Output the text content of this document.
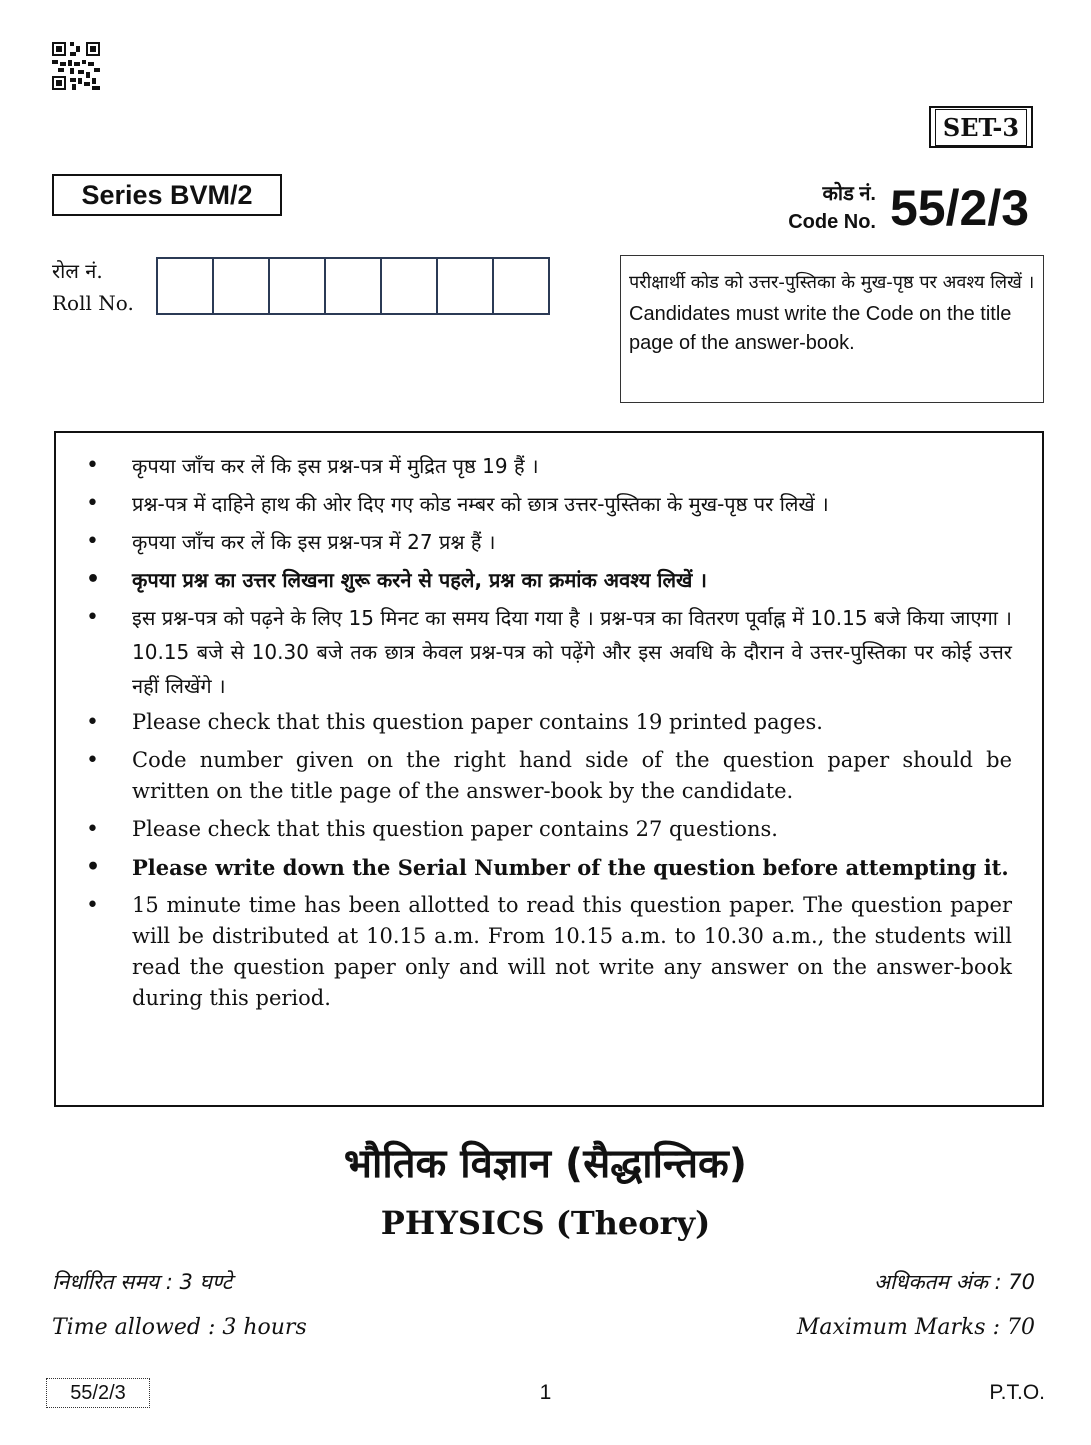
SET-3
Series BVM/2	कोड नं.
Code No. 55/2/3
रोल नं.
Roll No.
परीक्षार्थी कोड को उत्तर-पुस्तिका के मुख-पृष्ठ पर अवश्य लिखें ।
Candidates must write the Code on the title page of the answer-book.
• कृपया जाँच कर लें कि इस प्रश्न-पत्र में मुद्रित पृष्ठ 19 हैं ।
• प्रश्न-पत्र में दाहिने हाथ की ओर दिए गए कोड नम्बर को छात्र उत्तर-पुस्तिका के मुख-पृष्ठ पर लिखें ।
• कृपया जाँच कर लें कि इस प्रश्न-पत्र में 27 प्रश्न हैं ।
• कृपया प्रश्न का उत्तर लिखना शुरू करने से पहले, प्रश्न का क्रमांक अवश्य लिखें ।
• इस प्रश्न-पत्र को पढ़ने के लिए 15 मिनट का समय दिया गया है । प्रश्न-पत्र का वितरण पूर्वाह्न में 10.15 बजे किया जाएगा । 10.15 बजे से 10.30 बजे तक छात्र केवल प्रश्न-पत्र को पढ़ेंगे और इस अवधि के दौरान वे उत्तर-पुस्तिका पर कोई उत्तर नहीं लिखेंगे ।
• Please check that this question paper contains 19 printed pages.
• Code number given on the right hand side of the question paper should be written on the title page of the answer-book by the candidate.
• Please check that this question paper contains 27 questions.
• Please write down the Serial Number of the question before attempting it.
• 15 minute time has been allotted to read this question paper. The question paper will be distributed at 10.15 a.m. From 10.15 a.m. to 10.30 a.m., the students will read the question paper only and will not write any answer on the answer-book during this period.
भौतिक विज्ञान (सैद्धान्तिक)
PHYSICS (Theory)
निर्धारित समय : 3 घण्टे	अधिकतम अंक : 70
Time allowed : 3 hours	Maximum Marks : 70
55/2/3	1	P.T.O.
